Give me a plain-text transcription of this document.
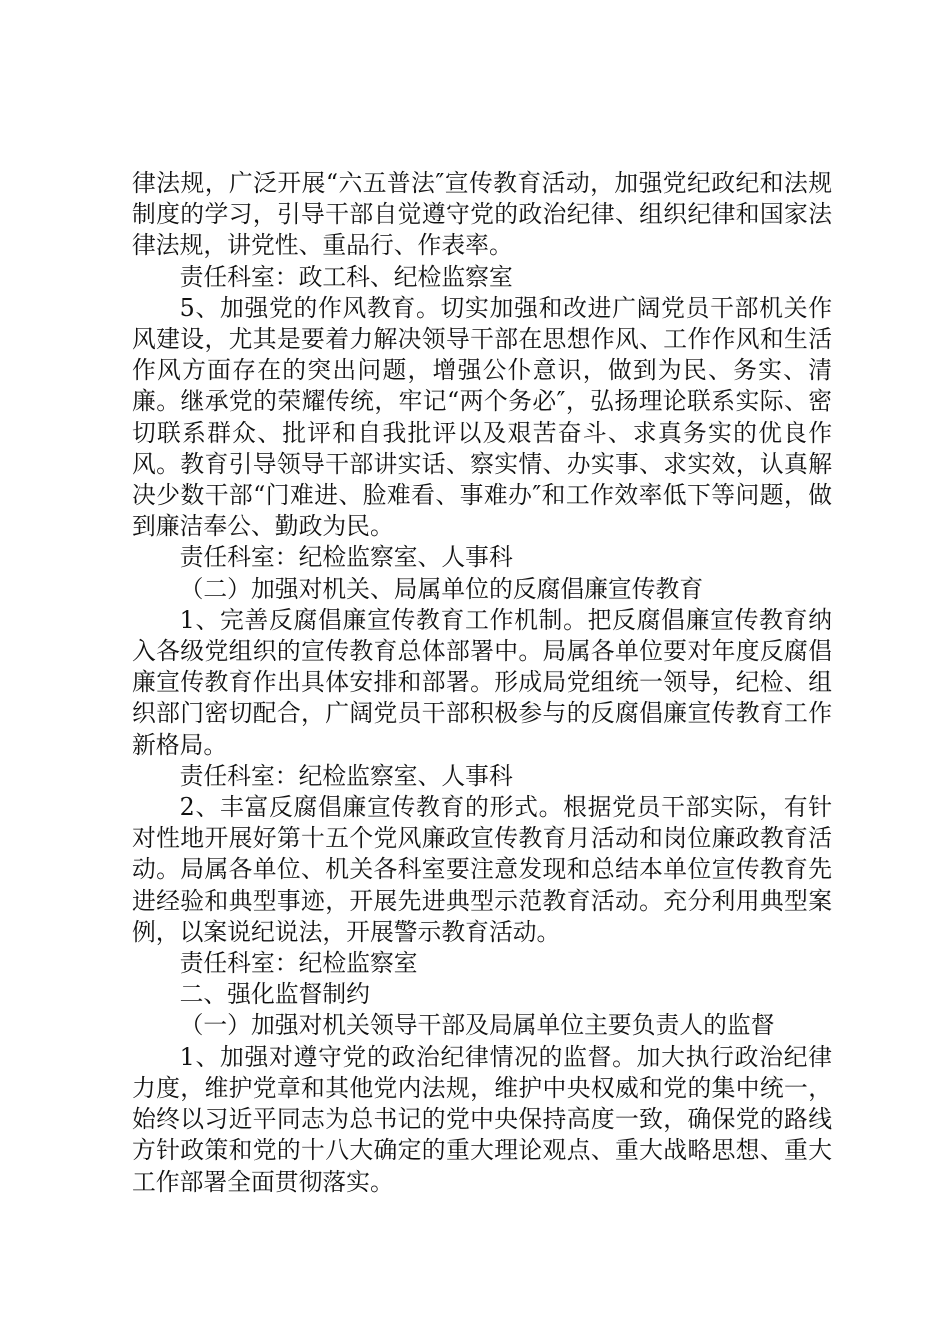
律法规，广泛开展“六五普法″宣传教育活动，加强党纪政纪和法规制度的学习，引导干部自觉遵守党的政治纪律、组织纪律和国家法律法规，讲党性、重品行、作表率。

责任科室：政工科、纪检监察室

5、加强党的作风教育。切实加强和改进广阔党员干部机关作风建设，尤其是要着力解决领导干部在思想作风、工作作风和生活作风方面存在的突出问题，增强公仆意识，做到为民、务实、清廉。继承党的荣耀传统，牢记“两个务必″，弘扬理论联系实际、密切联系群众、批评和自我批评以及艰苦奋斗、求真务实的优良作风。教育引导领导干部讲实话、察实情、办实事、求实效，认真解决少数干部“门难进、脸难看、事难办″和工作效率低下等问题，做到廉洁奉公、勤政为民。

责任科室：纪检监察室、人事科

（二）加强对机关、局属单位的反腐倡廉宣传教育

1、完善反腐倡廉宣传教育工作机制。把反腐倡廉宣传教育纳入各级党组织的宣传教育总体部署中。局属各单位要对年度反腐倡廉宣传教育作出具体安排和部署。形成局党组统一领导，纪检、组织部门密切配合，广阔党员干部积极参与的反腐倡廉宣传教育工作新格局。

责任科室：纪检监察室、人事科

2、丰富反腐倡廉宣传教育的形式。根据党员干部实际，有针对性地开展好第十五个党风廉政宣传教育月活动和岗位廉政教育活动。局属各单位、机关各科室要注意发现和总结本单位宣传教育先进经验和典型事迹，开展先进典型示范教育活动。充分利用典型案例，以案说纪说法，开展警示教育活动。

责任科室：纪检监察室

二、强化监督制约

（一）加强对机关领导干部及局属单位主要负责人的监督

1、加强对遵守党的政治纪律情况的监督。加大执行政治纪律力度，维护党章和其他党内法规，维护中央权威和党的集中统一，始终以习近平同志为总书记的党中央保持高度一致，确保党的路线方针政策和党的十八大确定的重大理论观点、重大战略思想、重大工作部署全面贯彻落实。
